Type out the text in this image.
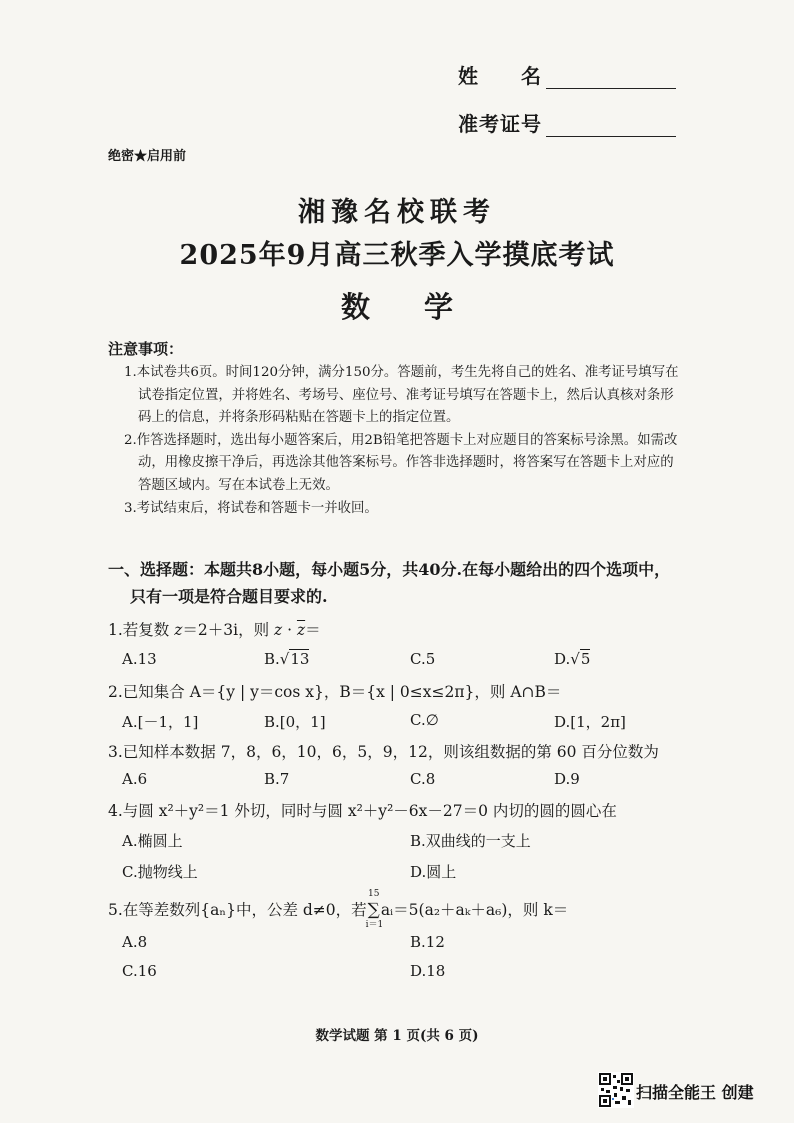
姓　　名
准考证号
绝密★启用前
湘豫名校联考
2025年9月高三秋季入学摸底考试
数 学
注意事项：
1.本试卷共6页。时间120分钟，满分150分。答题前，考生先将自己的姓名、准考证号填写在试卷指定位置，并将姓名、考场号、座位号、准考证号填写在答题卡上，然后认真核对条形码上的信息，并将条形码粘贴在答题卡上的指定位置。
2.作答选择题时，选出每小题答案后，用2B铅笔把答题卡上对应题目的答案标号涂黑。如需改动，用橡皮擦干净后，再选涂其他答案标号。作答非选择题时，将答案写在答题卡上对应的答题区域内。写在本试卷上无效。
3.考试结束后，将试卷和答题卡一并收回。
一、选择题：本题共8小题，每小题5分，共40分.在每小题给出的四个选项中，
只有一项是符合题目要求的.
1.若复数 z＝2＋3i，则 $z \cdot \overline{z}=$
A.13	B.√13	C.5	D.√5
2.已知集合 A＝{y | y＝cos x}，B＝{x | 0≤x≤2π}，则 A∩B＝
A.[－1，1]	B.[0，1]	C.∅	D.[1，2π]
3.已知样本数据 7，8，6，10，6，5，9，12，则该组数据的第 60 百分位数为
A.6	B.7	C.8	D.9
4.与圆 x²＋y²＝1 外切，同时与圆 x²＋y²－6x－27＝0 内切的圆的圆心在
A.椭圆上	B.双曲线的一支上
C.抛物线上	D.圆上
5.在等差数列{aₙ}中，公差 d≠0，若
15
∑
i＝1
aᵢ＝5(a₂＋aₖ＋a₆)，则 k＝
A.8	B.12
C.16	D.18
数学试题 第 1 页(共 6 页)
扫描全能王 创建
